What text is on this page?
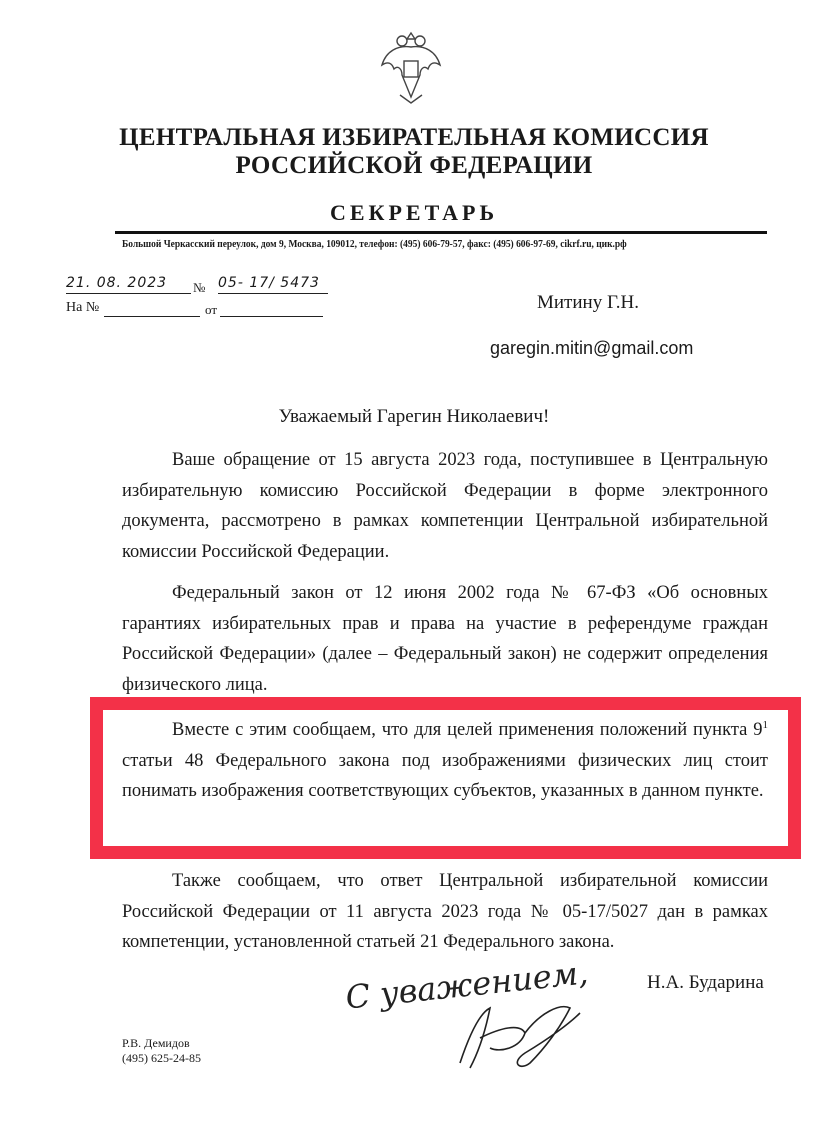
ЦЕНТРАЛЬНАЯ ИЗБИРАТЕЛЬНАЯ КОМИССИЯ
РОССИЙСКОЙ ФЕДЕРАЦИИ
СЕКРЕТАРЬ
Большой Черкасский переулок, дом 9, Москва, 109012, телефон: (495) 606-79-57, факс: (495) 606-97-69, cikrf.ru, цик.рф
21. 08. 2023	№ 05- 17/ 5473
На №	от	Митину Г.Н.
garegin.mitin@gmail.com
Уважаемый Гарегин Николаевич!
Ваше обращение от 15 августа 2023 года, поступившее в Центральную избирательную комиссию Российской Федерации в форме электронного документа, рассмотрено в рамках компетенции Центральной избирательной комиссии Российской Федерации.
Федеральный закон от 12 июня 2002 года № 67-ФЗ «Об основных гарантиях избирательных прав и права на участие в референдуме граждан Российской Федерации» (далее – Федеральный закон) не содержит определения физического лица.
Также сообщаем, что ответ Центральной избирательной комиссии Российской Федерации от 11 августа 2023 года № 05-17/5027 дан в рамках компетенции, установленной статьей 21 Федерального закона.
Вместе с этим сообщаем, что для целей применения положений пункта $9^1$ статьи 48 Федерального закона под изображениями физических лиц стоит понимать изображения соответствующих субъектов, указанных в данном пункте.
С уважением,	Н.А. Бударина
Р.В. Демидов
(495) 625-24-85
